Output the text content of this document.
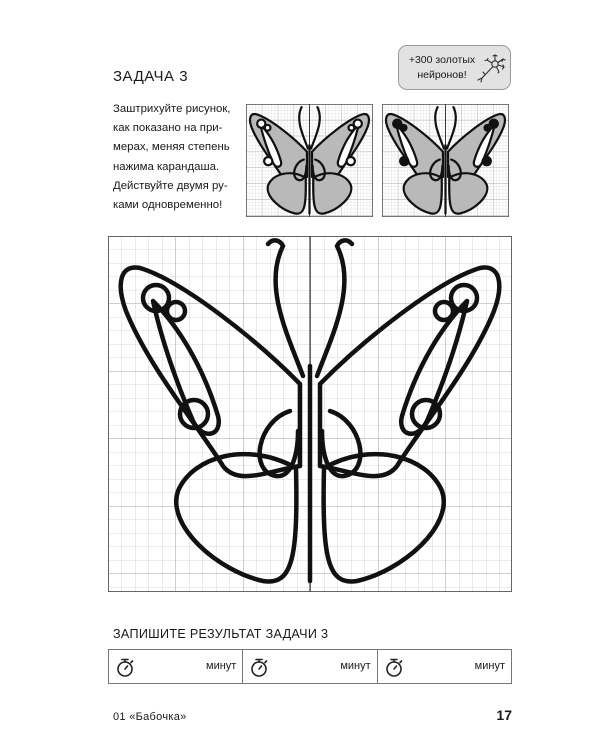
ЗАДАЧА 3

Заштрихуйте рисунок,
как показано на при-
мерах, меняя степень
нажима карандаша.
Действуйте двумя ру-
ками одновременно!

+300 золотых
нейронов!
ЗАПИШИТЕ РЕЗУЛЬТАТ ЗАДАЧИ 3
минут	минут	минут
01 «Бабочка»	17
